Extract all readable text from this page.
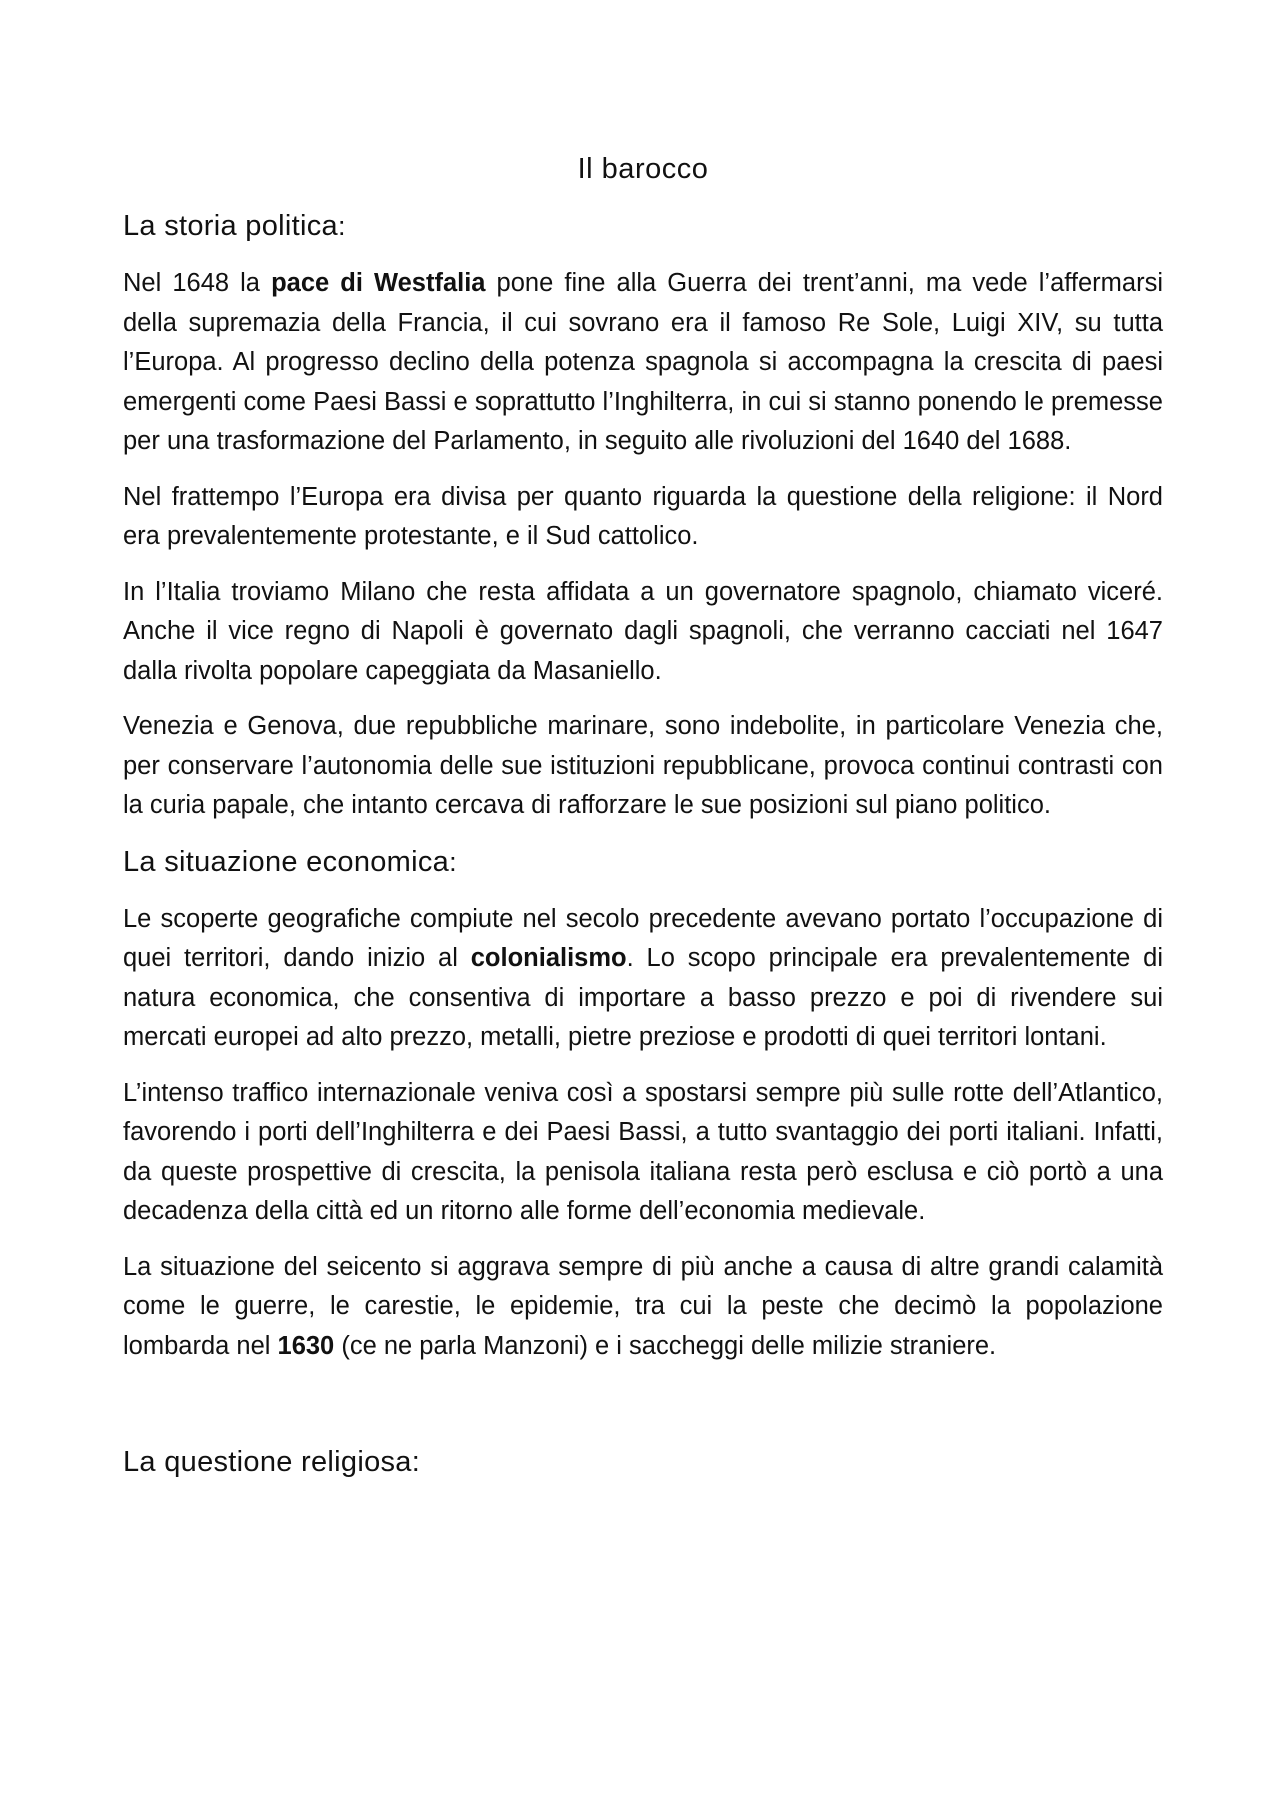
Il barocco
La storia politica:

Nel 1648 la pace di Westfalia pone fine alla Guerra dei trent’anni, ma vede l’affermarsi della supremazia della Francia, il cui sovrano era il famoso Re Sole, Luigi XIV, su tutta l’Europa. Al progresso declino della potenza spagnola si accompagna la crescita di paesi emergenti come Paesi Bassi e soprattutto l’Inghilterra, in cui si stanno ponendo le premesse per una trasformazione del Parlamento, in seguito alle rivoluzioni del 1640 del 1688.

Nel frattempo l’Europa era divisa per quanto riguarda la questione della religione: il Nord era prevalentemente protestante, e il Sud cattolico.

In l’Italia troviamo Milano che resta affidata a un governatore spagnolo, chiamato viceré. Anche il vice regno di Napoli è governato dagli spagnoli, che verranno cacciati nel 1647 dalla rivolta popolare capeggiata da Masaniello.

Venezia e Genova, due repubbliche marinare, sono indebolite, in particolare Venezia che, per conservare l’autonomia delle sue istituzioni repubblicane, provoca continui contrasti con la curia papale, che intanto cercava di rafforzare le sue posizioni sul piano politico.

La situazione economica:

Le scoperte geografiche compiute nel secolo precedente avevano portato l’occupazione di quei territori, dando inizio al colonialismo. Lo scopo principale era prevalentemente di natura economica, che consentiva di importare a basso prezzo e poi di rivendere sui mercati europei ad alto prezzo, metalli, pietre preziose e prodotti di quei territori lontani.

L’intenso traffico internazionale veniva così a spostarsi sempre più sulle rotte dell’Atlantico, favorendo i porti dell’Inghilterra e dei Paesi Bassi, a tutto svantaggio dei porti italiani. Infatti, da queste prospettive di crescita, la penisola italiana resta però esclusa e ciò portò a una decadenza della città ed un ritorno alle forme dell’economia medievale.

La situazione del seicento si aggrava sempre di più anche a causa di altre grandi calamità come le guerre, le carestie, le epidemie, tra cui la peste che decimò la popolazione lombarda nel 1630 (ce ne parla Manzoni) e i saccheggi delle milizie straniere.

La questione religiosa:
